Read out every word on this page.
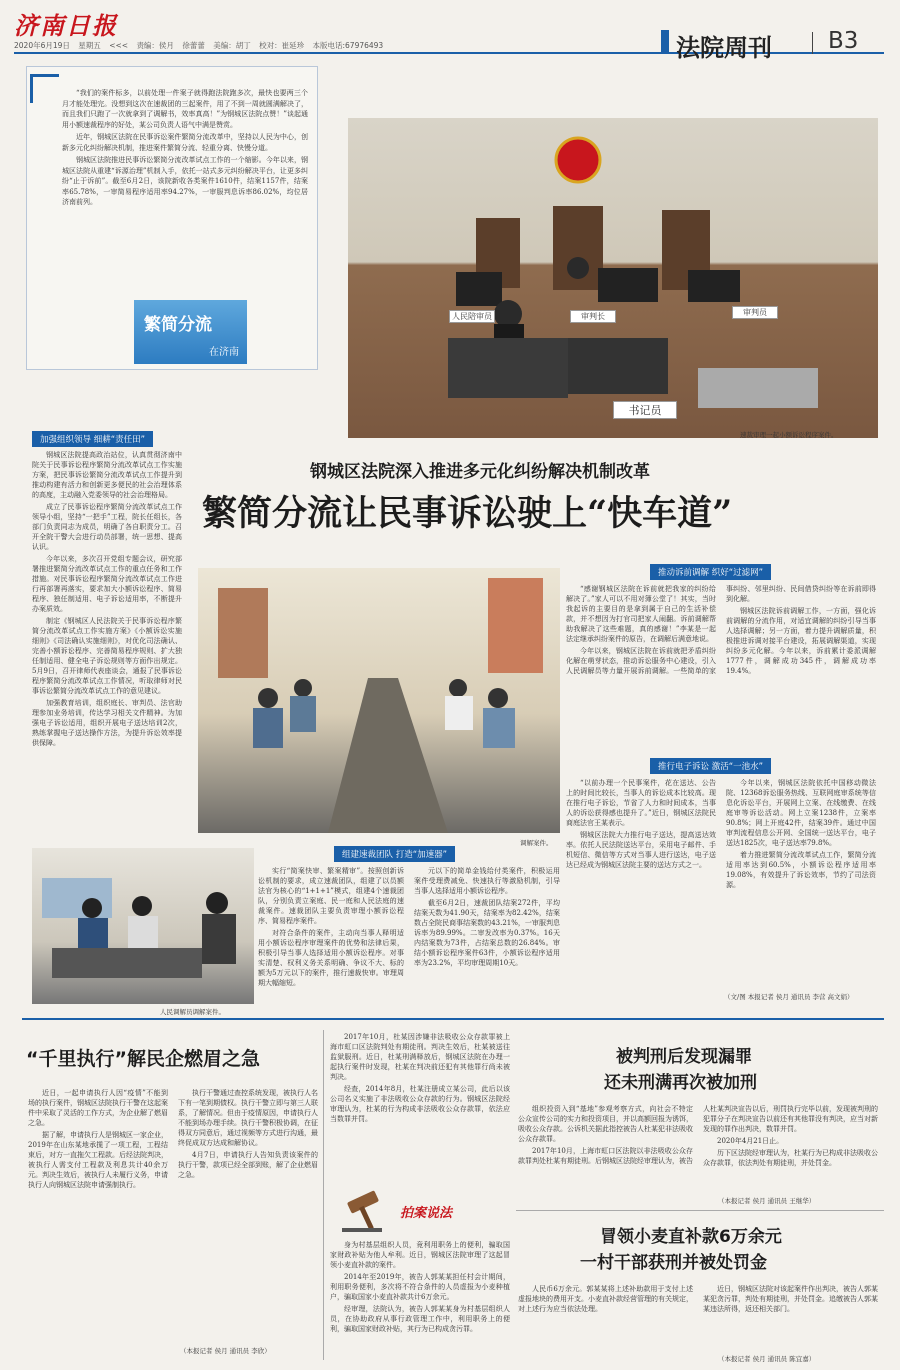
济南日报
2020年6月19日 星期五 <<< 责编：侯月 徐蕾蕾 美编：胡丁 校对：崔延珍 本版电话:67976493	法院周刊 B3

“我们的案件标多，以前处理一件案子就得跑法院跑多次，最快也要两三个月才能处理完。没想到这次在速裁团的三起案件，用了不到一周就圆满解决了，而且我们只跑了一次就拿到了调解书，效率真高！”为钢城区法院点赞！”谈起通用小额速裁程序的好处，某公司负责人语气中满是赞赏。

近年，钢城区法院在民事诉讼案件繁简分流改革中，坚持以人民为中心，创新多元化纠纷解决机制，推进案件繁简分流、轻重分离、快慢分道。

钢城区法院推进民事诉讼繁简分流改革试点工作的一个缩影。今年以来，钢城区法院从重建“诉源治理”机制入手，依托一站式多元纠纷解决平台，让更多纠纷“止于诉前”。截至6月2日，该院新收各类案件1610件，结案1157件，结案率65.78%，一审简易程序适用率94.27%，一审服判息诉率86.02%，均位居济南前列。

繁简分流
在济南
人民陪审员	审判长	审判员
书记员
速裁审理一起小额诉讼程序案件。
加强组织领导 细耕“责任田”

钢城区法院提高政治站位，认真贯彻济南中院关于民事诉讼程序繁简分流改革试点工作实施方案，把民事诉讼繁简分流改革试点工作提升到推动构建有活力和创新更多便民的社会治理体系的高度，主动融入党委领导的社会治理格局。

成立了民事诉讼程序繁简分流改革试点工作领导小组，坚持“一把手”工程，院长任组长，各部门负责同志为成员，明确了各自职责分工。召开全院干警大会进行动员部署，统一思想、提高认识。

今年以来，多次召开党组专题会议，研究部署推进繁简分流改革试点工作的重点任务和工作措施。对民事诉讼程序繁简分流改革试点工作进行再部署再落实，要求加大小额诉讼程序、简易程序、独任制适用、电子诉讼适用率，不断提升办案质效。

制定《钢城区人民法院关于民事诉讼程序繁简分流改革试点工作实施方案》《小额诉讼实施细则》《司法确认实施细则》，对优化司法确认、完善小额诉讼程序、完善简易程序规则、扩大独任制适用、健全电子诉讼规则等方面作出规定。5月9日，召开律师代表座谈会，通报了民事诉讼程序繁简分流改革试点工作情况，听取律师对民事诉讼繁简分流改革试点工作的意见建议。

加强教育培训，组织庭长、审判员、法官助理参加业务培训，传达学习相关文件精神。为加强电子诉讼适用，组织开展电子送达培训2次，熟练掌握电子送达操作方法，为提升诉讼效率提供保障。

钢城区法院深入推进多元化纠纷解决机制改革
繁简分流让民事诉讼驶上“快车道”
调解案件。
推动诉前调解 织好“过滤网”

“感谢钢城区法院在诉前就把我家的纠纷给解决了。”家人可以不用对簿公堂了！其实，当时我起诉的主要目的是拿到属于自己的生活补偿款，并不想因为打官司把家人闹翻。诉前调解帮助我解决了这些难题，真的感谢！”李某是一起法定继承纠纷案件的原告，在调解后满意地说。

今年以来，钢城区法院在诉前就把矛盾纠纷化解在萌芽状态，推动诉讼服务中心建设，引入人民调解员等力量开展诉前调解。一些简单的家事纠纷、邻里纠纷、民间借贷纠纷等在诉前即得到化解。

钢城区法院诉前调解工作，一方面，强化诉前调解的分流作用，对适宜调解的纠纷引导当事人选择调解；另一方面，着力提升调解质量，积极推进诉调对接平台建设，拓展调解渠道，实现纠纷多元化解。今年以来，诉前累计委派调解1777件，调解成功345件，调解成功率19.4%。

推行电子诉讼 激活“一池水”

“以前办理一个民事案件，花在送达、公告上的时间比较长，当事人的诉讼成本比较高。现在推行电子诉讼，节省了人力和时间成本，当事人的诉讼获得感也提升了。”近日，钢城区法院民商庭法官王某表示。

钢城区法院大力推行电子送达，提高送达效率。依托人民法院送达平台，采用电子邮件、手机短信、微信等方式对当事人进行送达，电子送达已经成为钢城区法院主要的送达方式之一。

今年以来，钢城区法院依托中国移动微法院、12368诉讼服务热线、互联网庭审系统等信息化诉讼平台，开展网上立案、在线缴费、在线庭审等诉讼活动。网上立案1238件，立案率90.8%；网上开庭42件，结案39件。通过中国审判流程信息公开网、全国统一送达平台，电子送达1825次，电子送达率79.8%。

着力推进繁简分流改革试点工作，繁简分流适用率达到60.5%，小额诉讼程序适用率19.08%，有效提升了诉讼效率，节约了司法资源。

（文/图 本报记者 侯月 通讯员 李营 高文娟）
人民调解员调解案件。
组建速裁团队 打造“加速器”

实行“简案快审、繁案精审”。按照创新诉讼机制的要求，成立速裁团队，组建了以员额法官为核心的“1+1+1”模式，组建4个速裁团队，分别负责立案庭、民一庭和人民法庭的速裁案件。速裁团队主要负责审理小额诉讼程序、简易程序案件。

对符合条件的案件，主动向当事人释明适用小额诉讼程序审理案件的优势和法律后果，积极引导当事人选择适用小额诉讼程序。对事实清楚、权利义务关系明确、争议不大、标的额为5万元以下的案件，推行速裁快审。审理周期大幅缩短。

元以下的简单金钱给付类案件，积极运用案件受理费减免、快速执行等激励机制，引导当事人选择适用小额诉讼程序。

截至6月2日，速裁团队结案272件，平均结案天数为41.90天，结案率为82.42%，结案数占全院民商事结案数的43.21%，一审服判息诉率为89.99%。二审发改率为0.37%。16天内结案数为73件，占结案总数的26.84%。审结小额诉讼程序案件63件，小额诉讼程序适用率为23.2%，平均审理周期10天。

“千里执行”解民企燃眉之急

近日，一起申请执行人因“疫情”不能到场的执行案件，钢城区法院执行干警在这起案件中采取了灵活的工作方式，为企业解了燃眉之急。

据了解，申请执行人是钢城区一家企业，2019年在山东某地承揽了一项工程，工程结束后，对方一直拖欠工程款。后经法院判决，被执行人需支付工程款及利息共计40余万元。判决生效后，被执行人未履行义务，申请执行人向钢城区法院申请强制执行。

执行干警通过查控系统发现，被执行人名下有一笔到期债权。执行干警立即与第三人联系，了解情况。但由于疫情原因，申请执行人不能到场办理手续。执行干警积极协调，在征得双方同意后，通过视频等方式进行沟通，最终促成双方达成和解协议。

4月7日，申请执行人告知负责该案件的执行干警，款项已经全部到账，解了企业燃眉之急。

（本报记者 侯月 通讯员 李欣）

2017年10月，杜某因涉嫌非法吸收公众存款罪被上海市虹口区法院判处有期徒刑。判决生效后，杜某被送往监狱服刑。近日，杜某刑满释放后，钢城区法院在办理一起执行案件时发现，杜某在判决前还犯有其他罪行尚未被判决。

经查，2014年8月，杜某注册成立某公司，此后以该公司名义实施了非法吸收公众存款的行为。钢城区法院经审理认为，杜某的行为构成非法吸收公众存款罪，依法应当数罪并罚。

拍案说法

身为村基层组织人员，竟利用职务上的便利，骗取国家财政补贴为他人牟利。近日，钢城区法院审理了这起冒领小麦直补款的案件。

2014年至2019年，被告人郭某某担任村会计期间，利用职务便利，多次将不符合条件的人员虚报为小麦种植户，骗取国家小麦直补款共计6万余元。

经审理，法院认为，被告人郭某某身为村基层组织人员，在协助政府从事行政管理工作中，利用职务上的便利，骗取国家财政补贴，其行为已构成贪污罪。

被判刑后发现漏罪
还未刑满再次被加刑

组织投资入到“基地”参观考察方式，向社会不特定公众宣传公司的实力和投资项目，并以高额回报为诱饵，吸收公众存款。公诉机关据此指控被告人杜某犯非法吸收公众存款罪。

2017年10月，上海市虹口区法院以非法吸收公众存款罪判处杜某有期徒刑。后钢城区法院经审理认为，被告人杜某判决宣告以后，刑罚执行完毕以前，发现被判刑的犯罪分子在判决宣告以前还有其他罪没有判决，应当对新发现的罪作出判决，数罪并罚。

2020年4月21日止。

历下区法院经审理认为，杜某行为已构成非法吸收公众存款罪，依法判处有期徒刑，并处罚金。

（本报记者 侯月 通讯员 王继华）
冒领小麦直补款6万余元
一村干部获刑并被处罚金

人民币6万余元。郭某某将上述补助款用于支付上述虚报地块的费用开支。小麦直补款经营管理的有关规定，对上述行为应当依法处理。

近日，钢城区法院对该起案件作出判决，被告人郭某某犯贪污罪，判处有期徒刑，并处罚金。追缴被告人郭某某违法所得，返还相关部门。

（本报记者 侯月 通讯员 陈宜嘉）
